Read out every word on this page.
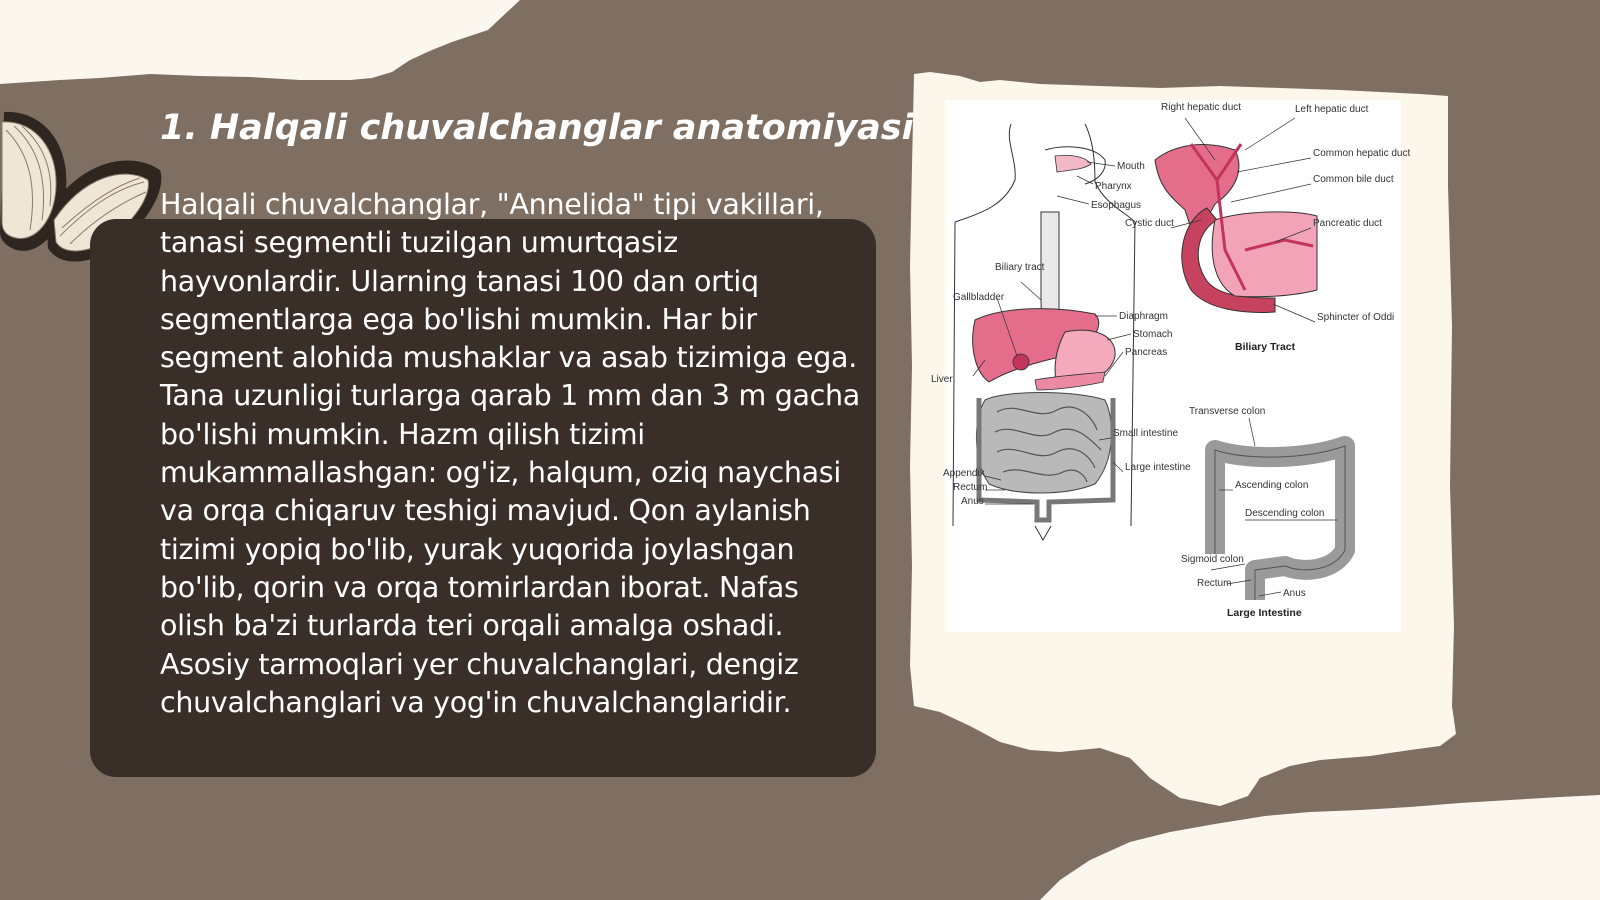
1. Halqali chuvalchanglar anatomiyasi
Halqali chuvalchanglar, "Annelida" tipi vakillari, tanasi segmentli tuzilgan umurtqasiz hayvonlardir. Ularning tanasi 100 dan ortiq segmentlarga ega bo'lishi mumkin. Har bir segment alohida mushaklar va asab tizimiga ega. Tana uzunligi turlarga qarab 1 mm dan 3 m gacha bo'lishi mumkin. Hazm qilish tizimi mukammallashgan: og'iz, halqum, oziq naychasi va orqa chiqaruv teshigi mavjud. Qon aylanish tizimi yopiq bo'lib, yurak yuqorida joylashgan bo'lib, qorin va orqa tomirlardan iborat. Nafas olish ba'zi turlarda teri orqali amalga oshadi. Asosiy tarmoqlari yer chuvalchanglari, dengiz chuvalchanglari va yog'in chuvalchanglaridir.
Mouth
Pharynx
Esophagus
Biliary tract
Gallbladder
Diaphragm
Stomach
Pancreas
Liver
Small intestine
Large intestine
Appendix
Rectum
Anus
Right hepatic duct	Left hepatic duct
Common hepatic duct
Common bile duct
Cystic duct	Pancreatic duct
Sphincter of Oddi
Biliary Tract
Transverse colon
Ascending colon
Descending colon
Sigmoid colon
Rectum
Anus
Large Intestine
